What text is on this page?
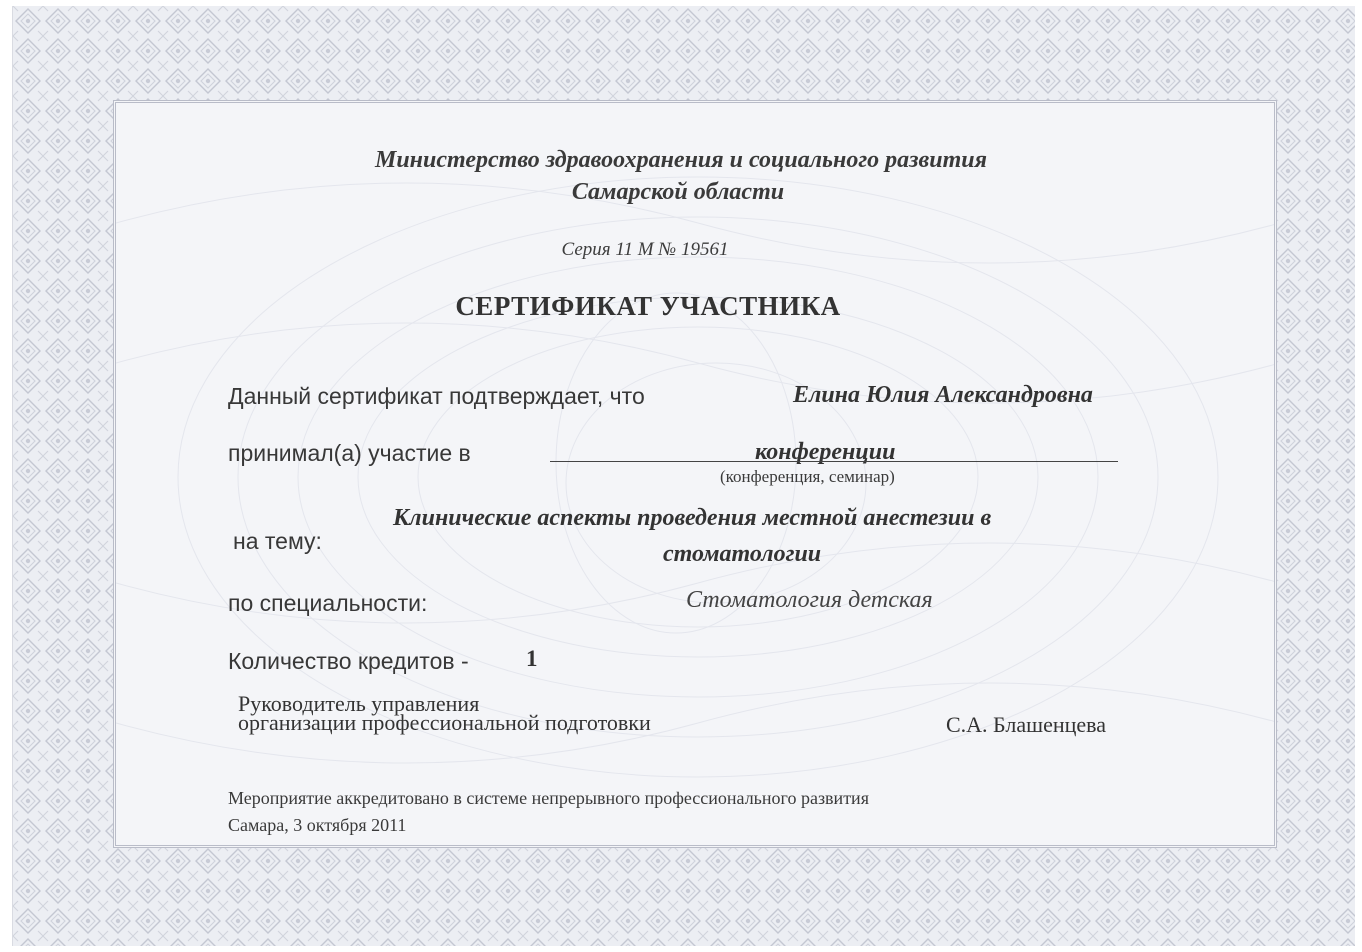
Министерство здравоохранения и социального развития
Самарской области
Серия 11 М № 19561
СЕРТИФИКАТ УЧАСТНИКА
Данный сертификат подтверждает, что	Елина Юлия Александровна
принимал(а) участие в	конференции
(конференция, семинар)
на тему:
Клинические аспекты проведения местной анестезии в
стоматологии
по специальности:	Стоматология детская
Количество кредитов - 1
Руководитель управления
организации профессиональной подготовки	С.А. Блашенцева
Мероприятие аккредитовано в системе непрерывного профессионального развития
Самара, 3 октября 2011
